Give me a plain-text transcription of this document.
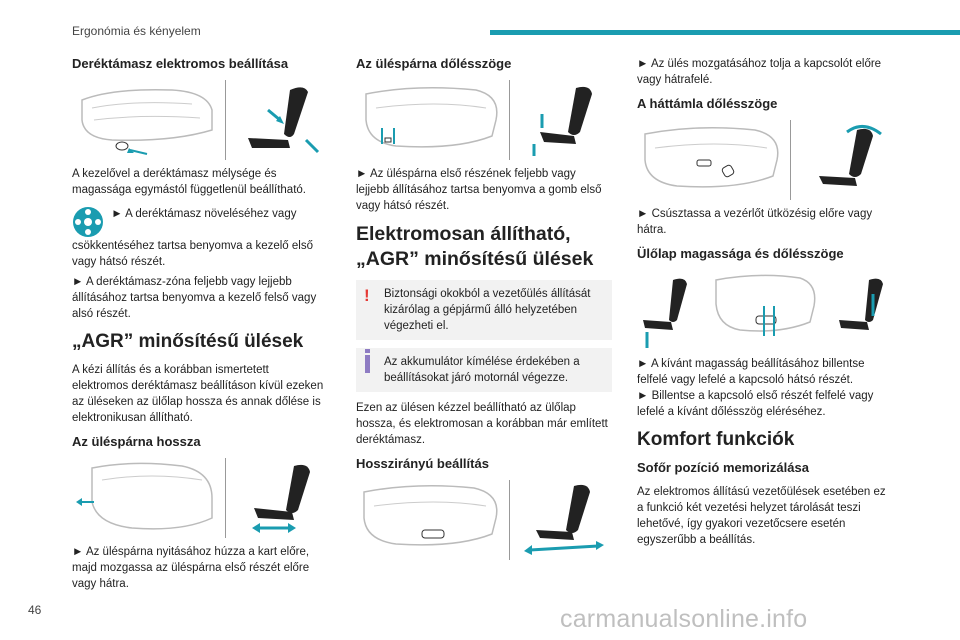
Ergonómia és kényelem
Deréktámasz elektromos beállítása

A kezelővel a deréktámasz mélysége és magassága egymástól függetlenül beállítható.

► A deréktámasz növeléséhez vagy csökkentéséhez tartsa benyomva a kezelő első vagy hátsó részét.

► A deréktámasz-zóna feljebb vagy lejjebb állításához tartsa benyomva a kezelő felső vagy alsó részét.

„AGR” minősítésű ülések

A kézi állítás és a korábban ismertetett elektromos deréktámasz beállításon kívül ezeken az üléseken az ülőlap hossza és annak dőlése is elektronikusan állítható.

Az üléspárna hossza

► Az üléspárna nyitásához húzza a kart előre, majd mozgassa az üléspárna első részét előre vagy hátra.

Az üléspárna dőlésszöge

► Az üléspárna első részének feljebb vagy lejjebb állításához tartsa benyomva a gomb első vagy hátsó részét.

Elektromosan állítható, „AGR” minősítésű ülések
! Biztonsági okokból a vezetőülés állítását kizárólag a gépjármű álló helyzetében végezheti el.

Az akkumulátor kímélése érdekében a beállításokat járó motornál végezze.

Ezen az ülésen kézzel beállítható az ülőlap hossza, és elektromosan a korábban már említett deréktámasz.

Hosszirányú beállítás

► Az ülés mozgatásához tolja a kapcsolót előre vagy hátrafelé.

A háttámla dőlésszöge

► Csúsztassa a vezérlőt ütközésig előre vagy hátra.

Ülőlap magassága és dőlésszöge

► A kívánt magasság beállításához billentse felfelé vagy lefelé a kapcsoló hátsó részét.

► Billentse a kapcsoló első részét felfelé vagy lefelé a kívánt dőlésszög eléréséhez.

Komfort funkciók
Sofőr pozíció memorizálása

Az elektromos állítású vezetőülések esetében ez a funkció két vezetési helyzet tárolását teszi lehetővé, így gyakori vezetőcsere esetén egyszerűbb a beállítás.

46	carmanualsonline.info
